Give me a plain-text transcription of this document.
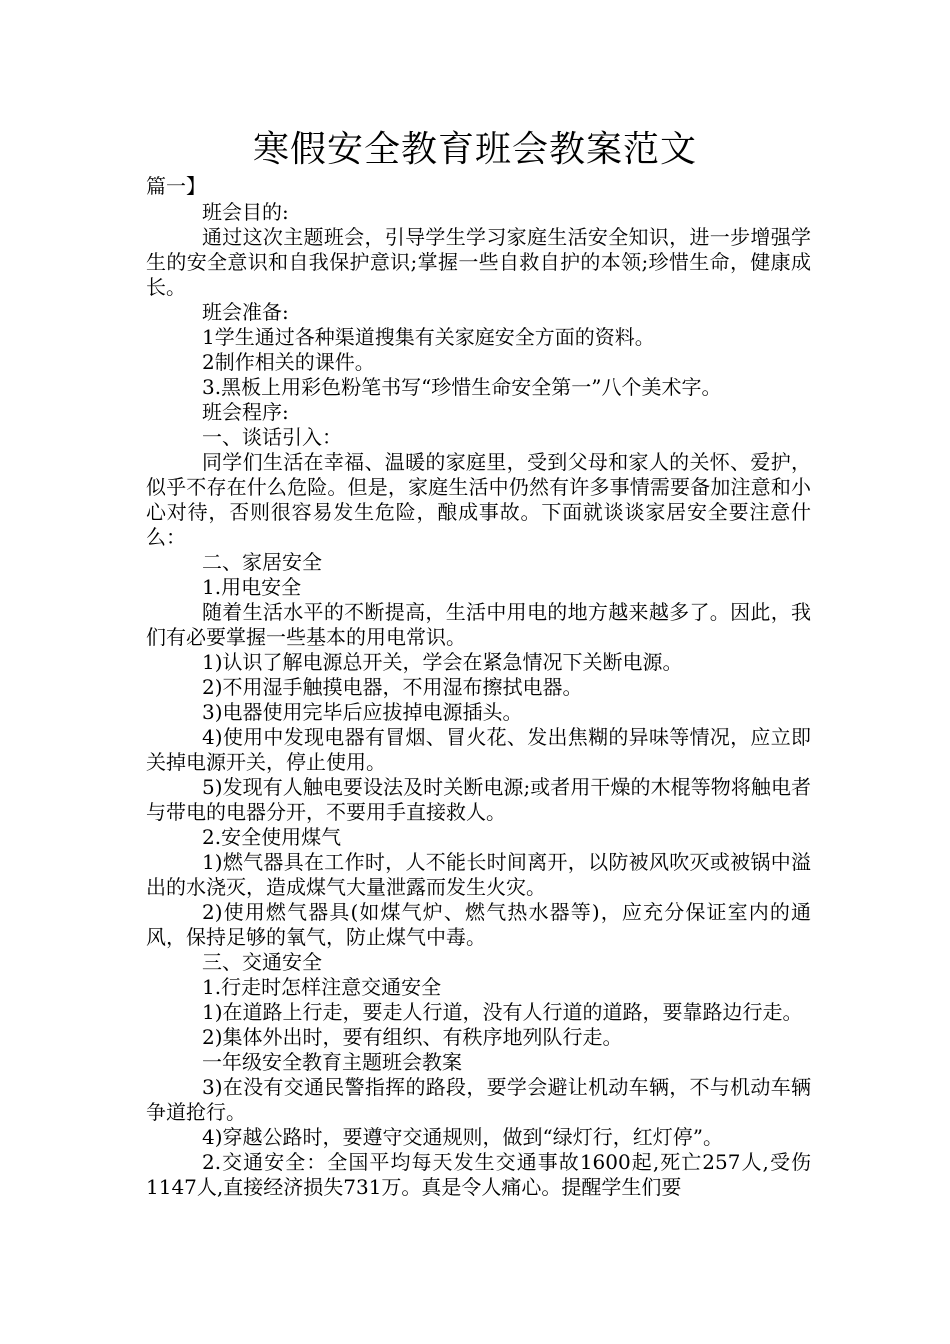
寒假安全教育班会教案范文
篇一】

班会目的:

通过这次主题班会，引导学生学习家庭生活安全知识，进一步增强学生的安全意识和自我保护意识;掌握一些自救自护的本领;珍惜生命，健康成长。

班会准备:

1学生通过各种渠道搜集有关家庭安全方面的资料。

2制作相关的课件。

3.黑板上用彩色粉笔书写“珍惜生命安全第一”八个美术字。

班会程序:

一、谈话引入：

同学们生活在幸福、温暖的家庭里，受到父母和家人的关怀、爱护，似乎不存在什么危险。但是，家庭生活中仍然有许多事情需要备加注意和小心对待，否则很容易发生危险，酿成事故。下面就谈谈家居安全要注意什么：

二、家居安全

1.用电安全

随着生活水平的不断提高，生活中用电的地方越来越多了。因此，我们有必要掌握一些基本的用电常识。

1)认识了解电源总开关，学会在紧急情况下关断电源。

2)不用湿手触摸电器，不用湿布擦拭电器。

3)电器使用完毕后应拔掉电源插头。

4)使用中发现电器有冒烟、冒火花、发出焦糊的异味等情况，应立即关掉电源开关，停止使用。

5)发现有人触电要设法及时关断电源;或者用干燥的木棍等物将触电者与带电的电器分开，不要用手直接救人。

2.安全使用煤气

1)燃气器具在工作时，人不能长时间离开，以防被风吹灭或被锅中溢出的水浇灭，造成煤气大量泄露而发生火灾。

2)使用燃气器具(如煤气炉、燃气热水器等)，应充分保证室内的通风，保持足够的氧气，防止煤气中毒。

三、交通安全

1.行走时怎样注意交通安全

1)在道路上行走，要走人行道，没有人行道的道路，要靠路边行走。

2)集体外出时，要有组织、有秩序地列队行走。

一年级安全教育主题班会教案

3)在没有交通民警指挥的路段，要学会避让机动车辆，不与机动车辆争道抢行。

4)穿越公路时，要遵守交通规则，做到“绿灯行，红灯停”。

2.交通安全：全国平均每天发生交通事故1600起,死亡257人,受伤1147人,直接经济损失731万。真是令人痛心。提醒学生们要
